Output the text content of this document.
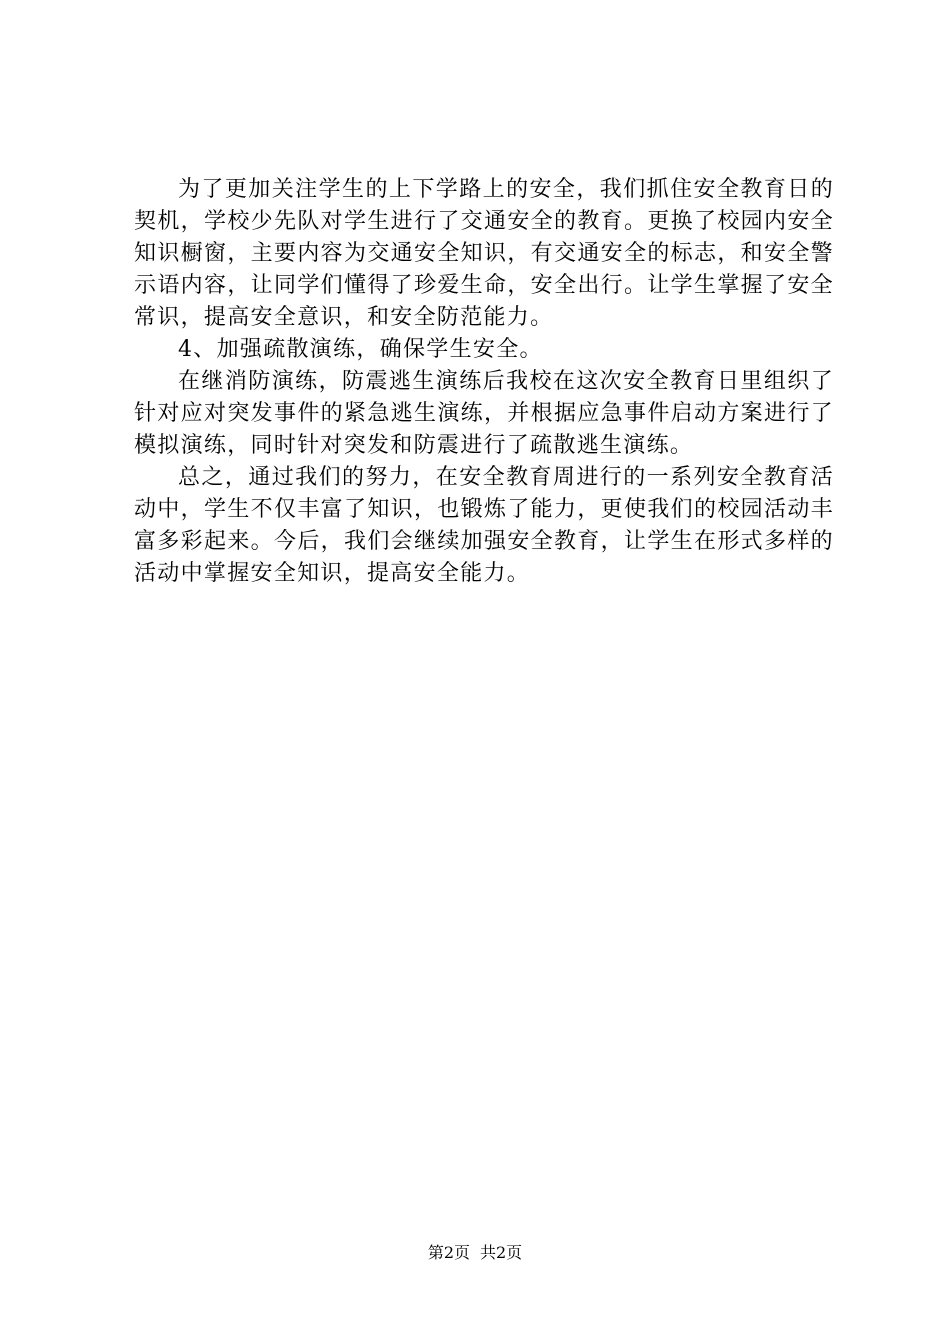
为了更加关注学生的上下学路上的安全，我们抓住安全教育日的契机，学校少先队对学生进行了交通安全的教育。更换了校园内安全知识橱窗，主要内容为交通安全知识，有交通安全的标志，和安全警示语内容，让同学们懂得了珍爱生命，安全出行。让学生掌握了安全常识，提高安全意识，和安全防范能力。

4、加强疏散演练，确保学生安全。

在继消防演练，防震逃生演练后我校在这次安全教育日里组织了针对应对突发事件的紧急逃生演练，并根据应急事件启动方案进行了模拟演练，同时针对突发和防震进行了疏散逃生演练。

总之，通过我们的努力，在安全教育周进行的一系列安全教育活动中，学生不仅丰富了知识，也锻炼了能力，更使我们的校园活动丰富多彩起来。今后，我们会继续加强安全教育，让学生在形式多样的活动中掌握安全知识，提高安全能力。

第2页 共2页
